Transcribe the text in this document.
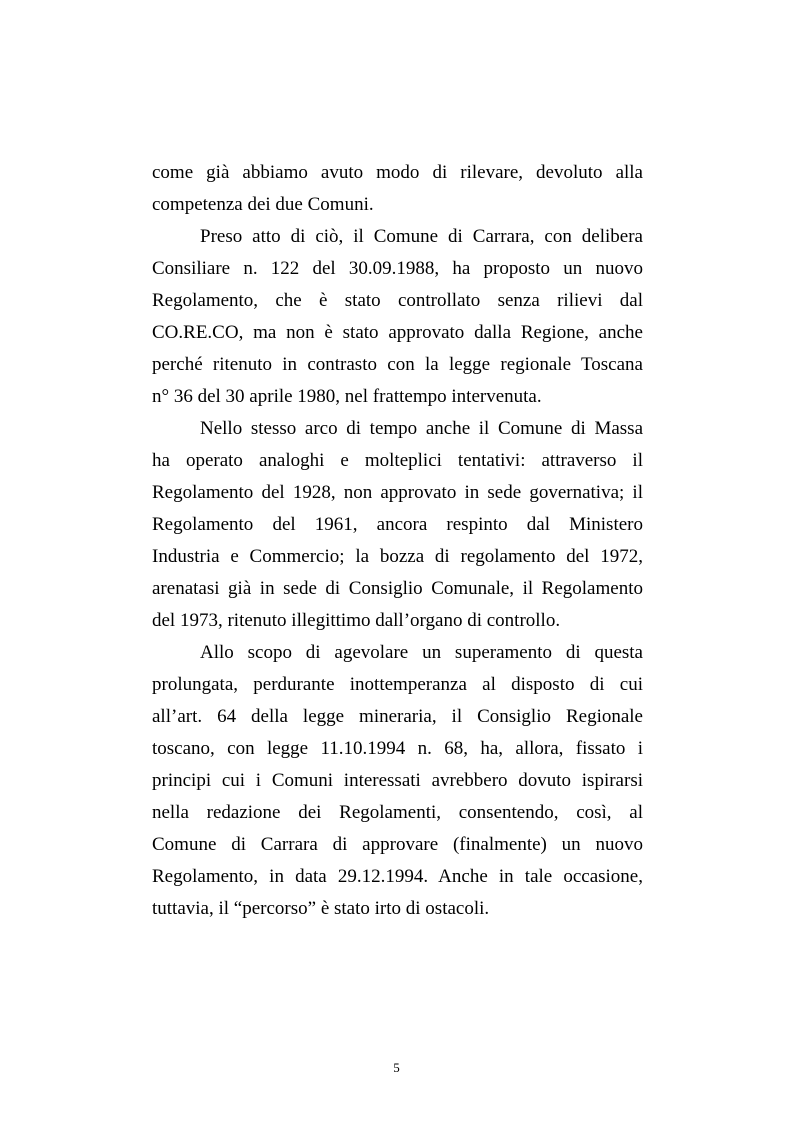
come già abbiamo avuto modo di rilevare, devoluto alla
competenza dei due Comuni.
Preso atto di ciò, il Comune di Carrara, con delibera
Consiliare n. 122 del 30.09.1988, ha proposto un nuovo
Regolamento, che è stato controllato senza rilievi dal
CO.RE.CO, ma non è stato approvato dalla Regione, anche
perché ritenuto in contrasto con la legge regionale Toscana
n° 36 del 30 aprile 1980, nel frattempo intervenuta.
Nello stesso arco di tempo anche il Comune di Massa
ha operato analoghi e molteplici tentativi: attraverso il
Regolamento del 1928, non approvato in sede governativa; il
Regolamento del 1961, ancora respinto dal Ministero
Industria e Commercio; la bozza di regolamento del 1972,
arenatasi già in sede di Consiglio Comunale, il Regolamento
del 1973, ritenuto illegittimo dall’organo di controllo.
Allo scopo di agevolare un superamento di questa
prolungata, perdurante inottemperanza al disposto di cui
all’art. 64 della legge mineraria, il Consiglio Regionale
toscano, con legge 11.10.1994 n. 68, ha, allora, fissato i
principi cui i Comuni interessati avrebbero dovuto ispirarsi
nella redazione dei Regolamenti, consentendo, così, al
Comune di Carrara di approvare (finalmente) un nuovo
Regolamento, in data 29.12.1994. Anche in tale occasione,
tuttavia, il “percorso” è stato irto di ostacoli.
5
